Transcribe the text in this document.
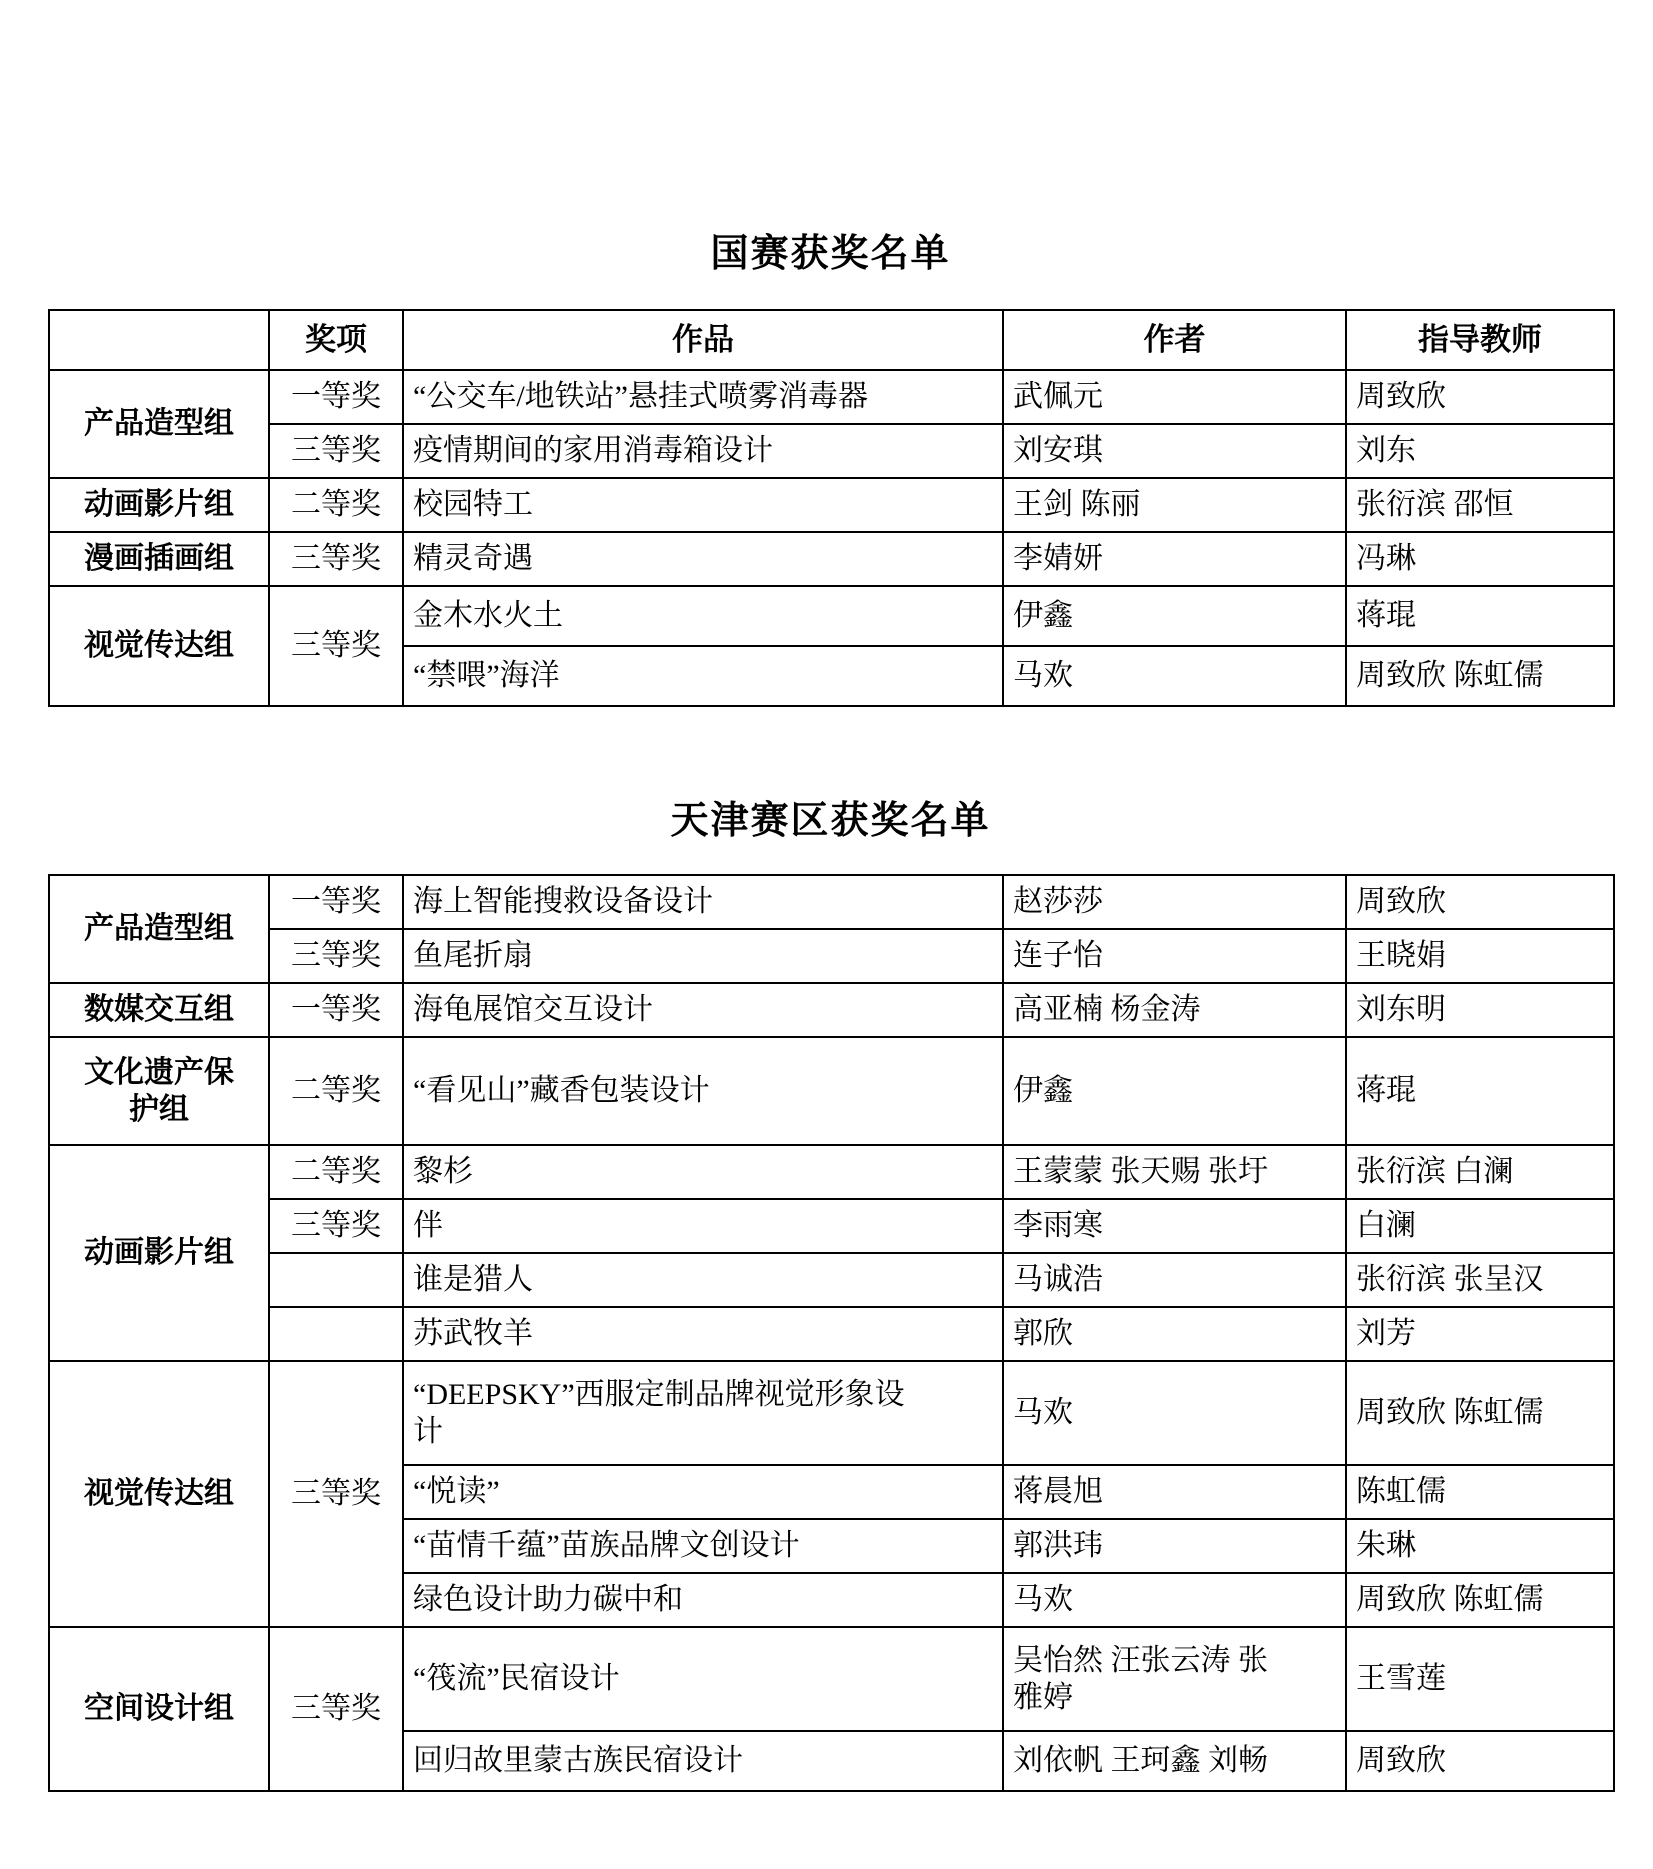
国赛获奖名单
	奖项	作品	作者	指导教师
产品造型组	一等奖	“公交车/地铁站”悬挂式喷雾消毒器	武佩元	周致欣
	三等奖	疫情期间的家用消毒箱设计	刘安琪	刘东
动画影片组	二等奖	校园特工	王剑 陈丽	张衍滨 邵恒
漫画插画组	三等奖	精灵奇遇	李婧妍	冯琳
视觉传达组	三等奖	金木水火土	伊鑫	蒋琨
		“禁喂”海洋	马欢	周致欣 陈虹儒
天津赛区获奖名单
产品造型组	一等奖	海上智能搜救设备设计	赵莎莎	周致欣
	三等奖	鱼尾折扇	连子怡	王晓娟
数媒交互组	一等奖	海龟展馆交互设计	高亚楠 杨金涛	刘东明
文化遗产保护组	二等奖	“看见山”藏香包装设计	伊鑫	蒋琨
动画影片组	二等奖	黎杉	王蒙蒙 张天赐 张圩	张衍滨 白澜
	三等奖	伴	李雨寒	白澜
		谁是猎人	马诚浩	张衍滨 张呈汉
		苏武牧羊	郭欣	刘芳
视觉传达组	三等奖	“DEEPSKY”西服定制品牌视觉形象设计	马欢	周致欣 陈虹儒
		“悦读”	蒋晨旭	陈虹儒
		“苗情千蕴”苗族品牌文创设计	郭洪玮	朱琳
		绿色设计助力碳中和	马欢	周致欣 陈虹儒
空间设计组	三等奖	“筏流”民宿设计	吴怡然 汪张云涛 张雅婷	王雪莲
		回归故里蒙古族民宿设计	刘依帆 王珂鑫 刘畅	周致欣
